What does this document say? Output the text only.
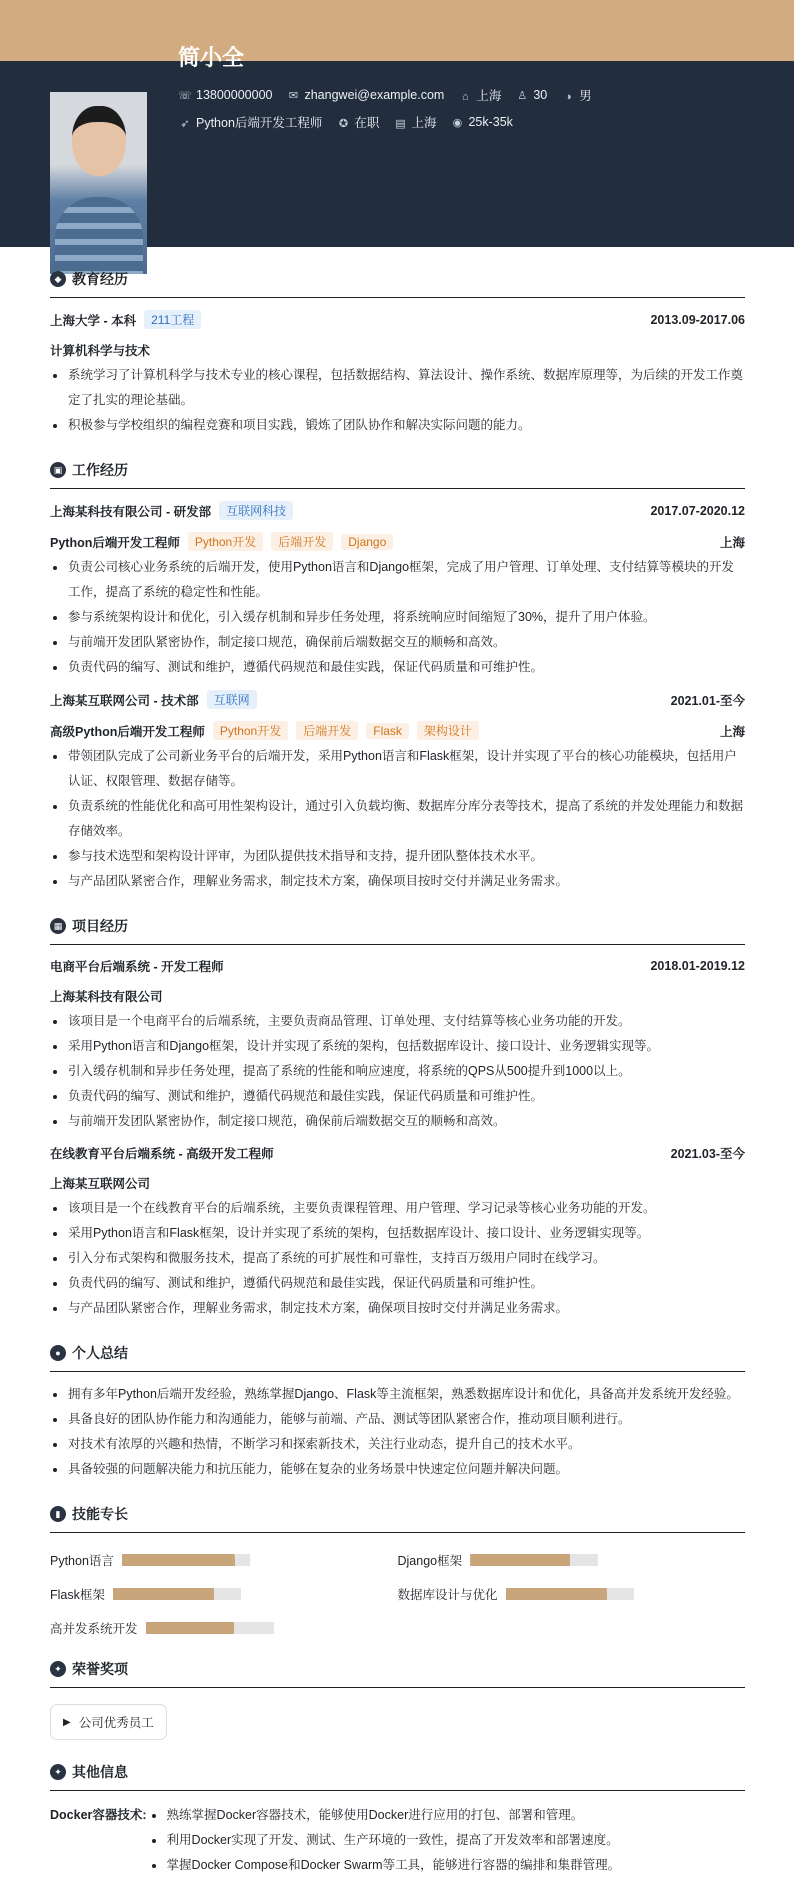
简小全
☏ 13800000000 ✉ zhangwei@example.com	⌂ 上海 ♙ 30	◑ 男
➶ Python后端开发工程师 ✪ 在职 ▤ 上海 ◉ 25k-35k
◆ 教育经历
上海大学 - 本科	211工程	2013.09-2017.06
计算机科学与技术
系统学习了计算机科学与技术专业的核心课程，包括数据结构、算法设计、操作系统、数据库原理等，为后续的开发工作奠定了扎实的理论基础。
积极参与学校组织的编程竞赛和项目实践，锻炼了团队协作和解决实际问题的能力。
▣ 工作经历
上海某科技有限公司 - 研发部	互联网科技	2017.07-2020.12
Python后端开发工程师	Python开发	后端开发	Django	上海
负责公司核心业务系统的后端开发，使用Python语言和Django框架，完成了用户管理、订单处理、支付结算等模块的开发工作，提高了系统的稳定性和性能。
参与系统架构设计和优化，引入缓存机制和异步任务处理，将系统响应时间缩短了30%，提升了用户体验。
与前端开发团队紧密协作，制定接口规范，确保前后端数据交互的顺畅和高效。
负责代码的编写、测试和维护，遵循代码规范和最佳实践，保证代码质量和可维护性。
上海某互联网公司 - 技术部	互联网	2021.01-至今
高级Python后端开发工程师	Python开发	后端开发	Flask	架构设计	上海
带领团队完成了公司新业务平台的后端开发，采用Python语言和Flask框架，设计并实现了平台的核心功能模块，包括用户认证、权限管理、数据存储等。
负责系统的性能优化和高可用性架构设计，通过引入负载均衡、数据库分库分表等技术，提高了系统的并发处理能力和数据存储效率。
参与技术选型和架构设计评审，为团队提供技术指导和支持，提升团队整体技术水平。
与产品团队紧密合作，理解业务需求，制定技术方案，确保项目按时交付并满足业务需求。
▦ 项目经历
电商平台后端系统 - 开发工程师	2018.01-2019.12
上海某科技有限公司
该项目是一个电商平台的后端系统，主要负责商品管理、订单处理、支付结算等核心业务功能的开发。
采用Python语言和Django框架，设计并实现了系统的架构，包括数据库设计、接口设计、业务逻辑实现等。
引入缓存机制和异步任务处理，提高了系统的性能和响应速度，将系统的QPS从500提升到1000以上。
负责代码的编写、测试和维护，遵循代码规范和最佳实践，保证代码质量和可维护性。
与前端开发团队紧密协作，制定接口规范，确保前后端数据交互的顺畅和高效。
在线教育平台后端系统 - 高级开发工程师	2021.03-至今
上海某互联网公司
该项目是一个在线教育平台的后端系统，主要负责课程管理、用户管理、学习记录等核心业务功能的开发。
采用Python语言和Flask框架，设计并实现了系统的架构，包括数据库设计、接口设计、业务逻辑实现等。
引入分布式架构和微服务技术，提高了系统的可扩展性和可靠性，支持百万级用户同时在线学习。
负责代码的编写、测试和维护，遵循代码规范和最佳实践，保证代码质量和可维护性。
与产品团队紧密合作，理解业务需求，制定技术方案，确保项目按时交付并满足业务需求。
● 个人总结
拥有多年Python后端开发经验，熟练掌握Django、Flask等主流框架，熟悉数据库设计和优化，具备高并发系统开发经验。
具备良好的团队协作能力和沟通能力，能够与前端、产品、测试等团队紧密合作，推动项目顺利进行。
对技术有浓厚的兴趣和热情，不断学习和探索新技术，关注行业动态，提升自己的技术水平。
具备较强的问题解决能力和抗压能力，能够在复杂的业务场景中快速定位问题并解决问题。
▮ 技能专长
Python语言	Django框架
Flask框架	数据库设计与优化
高并发系统开发
✦ 荣誉奖项
▶ 公司优秀员工
✦ 其他信息
Docker容器技术:	熟练掌握Docker容器技术，能够使用Docker进行应用的打包、部署和管理。
利用Docker实现了开发、测试、生产环境的一致性，提高了开发效率和部署速度。
掌握Docker Compose和Docker Swarm等工具，能够进行容器的编排和集群管理。
